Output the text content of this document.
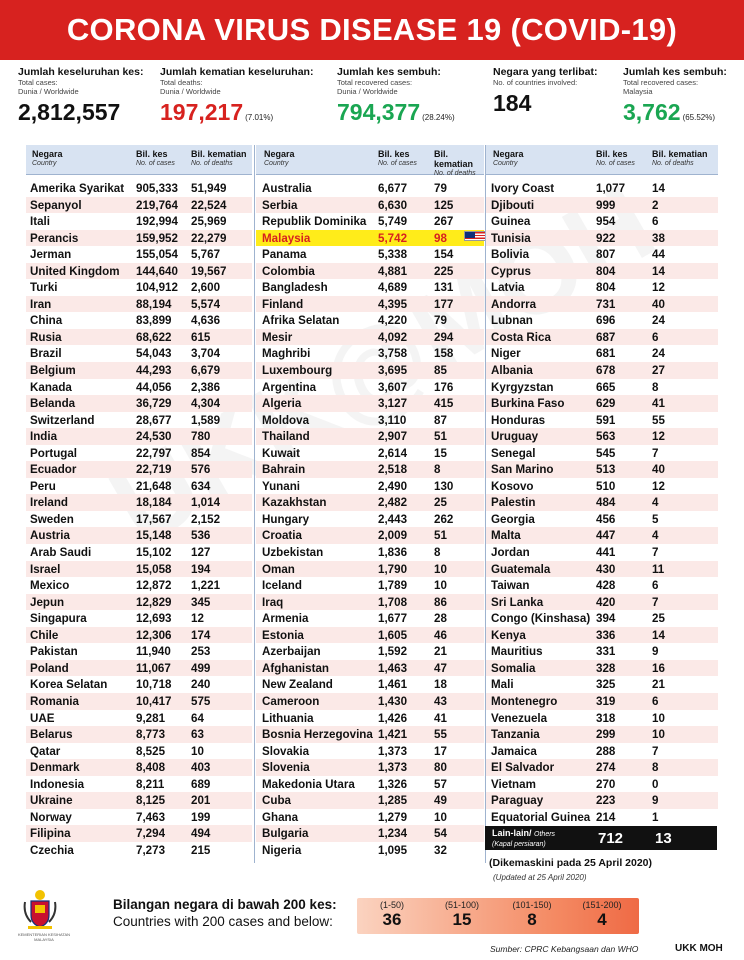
CORONA VIRUS DISEASE 19 (COVID-19)
Jumlah keseluruhan kes:
Total cases:
Dunia / Worldwide
2,812,557
Jumlah kematian keseluruhan:
Total deaths:
Dunia / Worldwide
197,217 (7.01%)
Jumlah kes sembuh:
Total recovered cases:
Dunia / Worldwide
794,377 (28.24%)
Negara yang terlibat:
No. of countries involved:
184
Jumlah kes sembuh:
Total recovered cases:
Malaysia
3,762 (65.52%)
Negara
Country
Bil. kes
No. of cases
Bil. kematian
No. of deaths
Amerika Syarikat 905,333 51,949
Sepanyol	219,764 22,524
Itali	192,994 25,969
Perancis	159,952 22,279
Jerman	155,054 5,767
United Kingdom 144,640 19,567
Turki	104,912 2,600
Iran	88,194 5,574
China	83,899 4,636
Rusia	68,622 615
Brazil	54,043 3,704
Belgium	44,293 6,679
Kanada	44,056 2,386
Belanda	36,729 4,304
Switzerland	28,677 1,589
India	24,530 780
Portugal	22,797 854
Ecuador	22,719 576
Peru	21,648 634
Ireland	18,184 1,014
Sweden	17,567 2,152
Austria	15,148 536
Arab Saudi	15,102 127
Israel	15,058 194
Mexico	12,872 1,221
Jepun	12,829 345
Singapura	12,693 12
Chile	12,306 174
Pakistan	11,940 253
Poland	11,067 499
Korea Selatan 10,718 240
Romania	10,417 575
UAE	9,281 64
Belarus	8,773 63
Qatar	8,525 10
Denmark	8,408 403
Indonesia	8,211 689
Ukraine	8,125 201
Norway	7,463 199
Filipina	7,294 494
Czechia	7,273 215
Negara
Country
Bil. kes
No. of cases
Bil. kematian
No. of deaths
Australia	6,677 79
Serbia	6,630 125
Republik Dominika 5,749 267
Malaysia	5,742 98
Panama	5,338 154
Colombia	4,881 225
Bangladesh	4,689 131
Finland	4,395 177
Afrika Selatan	4,220 79
Mesir	4,092 294
Maghribi	3,758 158
Luxembourg	3,695 85
Argentina	3,607 176
Algeria	3,127 415
Moldova	3,110 87
Thailand	2,907 51
Kuwait	2,614 15
Bahrain	2,518 8
Yunani	2,490 130
Kazakhstan	2,482 25
Hungary	2,443 262
Croatia	2,009 51
Uzbekistan	1,836 8
Oman	1,790 10
Iceland	1,789 10
Iraq	1,708 86
Armenia	1,677 28
Estonia	1,605 46
Azerbaijan	1,592 21
Afghanistan	1,463 47
New Zealand	1,461 18
Cameroon	1,430 43
Lithuania	1,426 41
Bosnia Herzegovina 1,421 55
Slovakia	1,373 17
Slovenia	1,373 80
Makedonia Utara 1,326 57
Cuba	1,285 49
Ghana	1,279 10
Bulgaria	1,234 54
Nigeria	1,095 32
Negara
Country
Bil. kes
No. of cases
Bil. kematian
No. of deaths
Ivory Coast	1,077 14
Djibouti	999	2
Guinea	954	6
Tunisia	922	38
Bolivia	807	44
Cyprus	804	14
Latvia	804	12
Andorra	731	40
Lubnan	696	24
Costa Rica	687	6
Niger	681	24
Albania	678	27
Kyrgyzstan	665	8
Burkina Faso	629	41
Honduras	591	55
Uruguay	563	12
Senegal	545	7
San Marino	513	40
Kosovo	510	12
Palestin	484	4
Georgia	456	5
Malta	447	4
Jordan	441	7
Guatemala	430	11
Taiwan	428	6
Sri Lanka	420	7
Congo (Kinshasa) 394	25
Kenya	336	14
Mauritius	331	9
Somalia	328	16
Mali	325	21
Montenegro	319	6
Venezuela	318	10
Tanzania	299	10
Jamaica	288	7
El Salvador	274	8
Vietnam	270	0
Paraguay	223	9
Equatorial Guinea 214	1
Lain-lain/ Others
(Kapal persiaran)	712 13
(Dikemaskini pada 25 April 2020)
(Updated at 25 April 2020)
KEMENTERIAN KESIHATAN MALAYSIA
Bilangan negara di bawah 200 kes:
Countries with 200 cases and below:
(1-50)
36
(51-100)
15
(101-150)
8
(151-200)
4
Sumber: CPRC Kebangsaan dan WHO	UKK MOH
